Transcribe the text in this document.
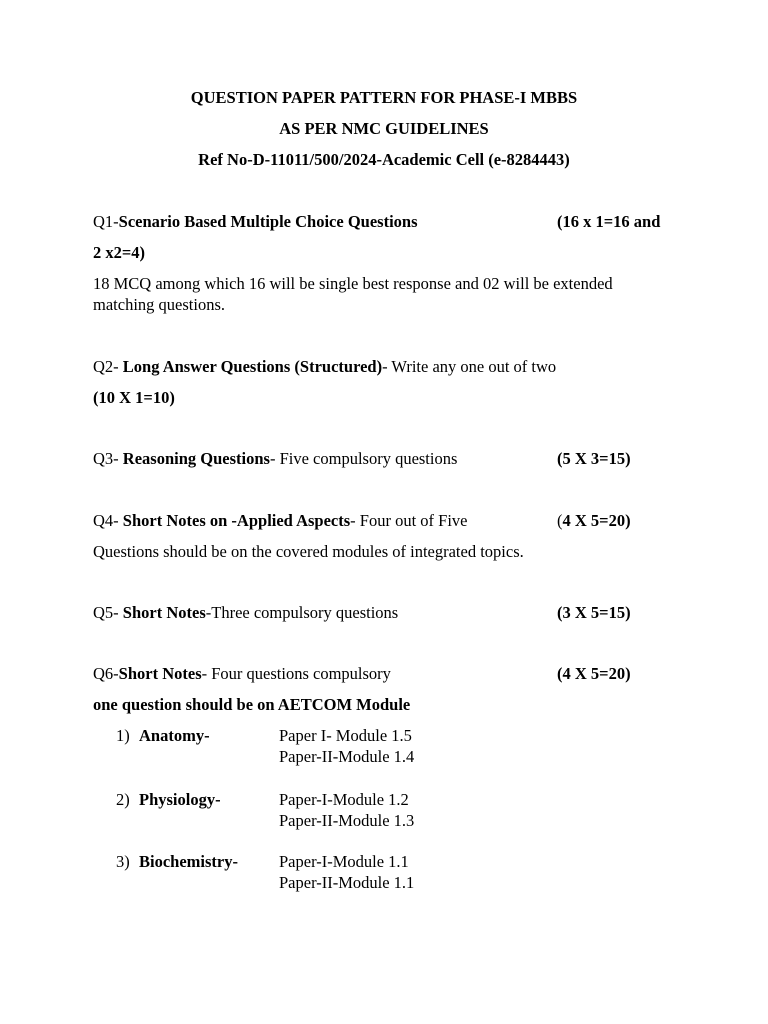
QUESTION PAPER PATTERN FOR PHASE-I MBBS
AS PER NMC GUIDELINES
Ref No-D-11011/500/2024-Academic Cell (e-8284443)
Q1-Scenario Based Multiple Choice Questions	(16 x 1=16 and
2 x2=4)
18 MCQ among which 16 will be single best response and 02 will be extended
matching questions.
Q2- Long Answer Questions (Structured)- Write any one out of two
(10 X 1=10)
Q3- Reasoning Questions- Five compulsory questions	(5 X 3=15)
Q4- Short Notes on -Applied Aspects- Four out of Five	(4 X 5=20)
Questions should be on the covered modules of integrated topics.
Q5- Short Notes-Three compulsory questions	(3 X 5=15)
Q6-Short Notes- Four questions compulsory	(4 X 5=20)
one question should be on AETCOM Module
1) Anatomy-	Paper I- Module 1.5
Paper-II-Module 1.4
2) Physiology-	Paper-I-Module 1.2
Paper-II-Module 1.3
3) Biochemistry- Paper-I-Module 1.1
Paper-II-Module 1.1
